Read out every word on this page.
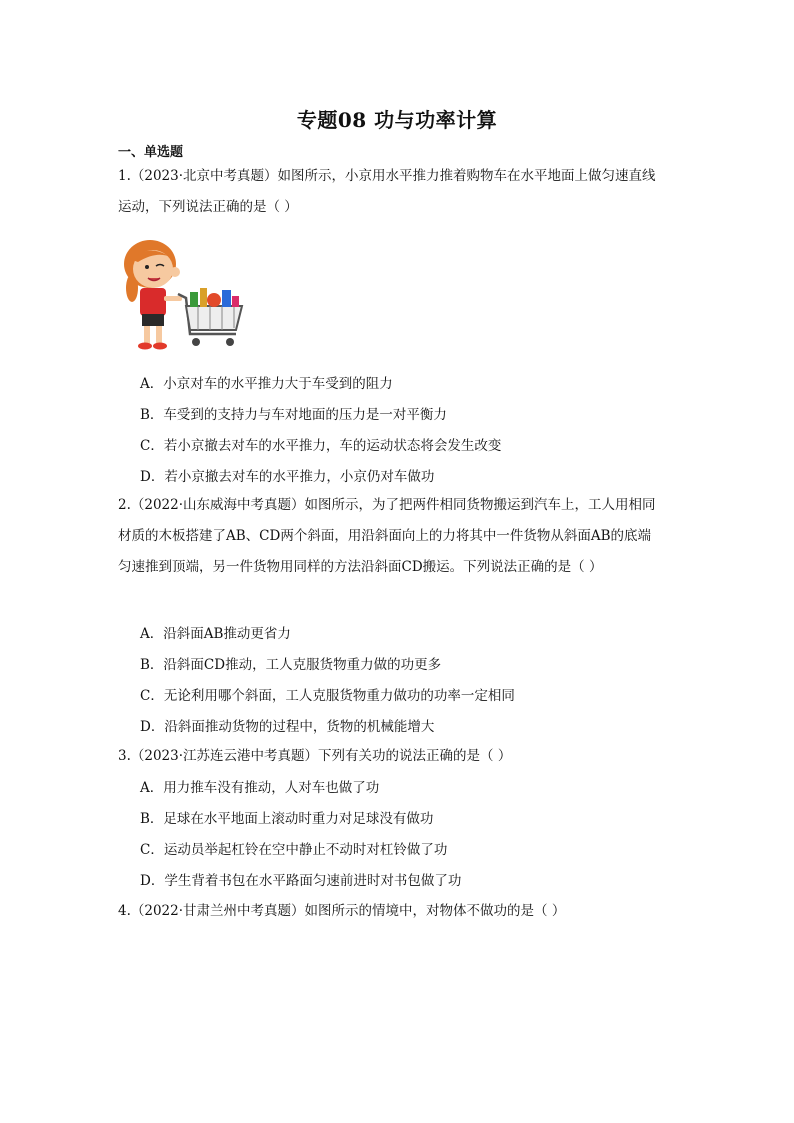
专题08 功与功率计算
一、单选题
1.（2023·北京中考真题）如图所示，小京用水平推力推着购物车在水平地面上做匀速直线
运动，下列说法正确的是（ ）
A．小京对车的水平推力大于车受到的阻力
B．车受到的支持力与车对地面的压力是一对平衡力
C．若小京撤去对车的水平推力，车的运动状态将会发生改变
D．若小京撤去对车的水平推力，小京仍对车做功
2.（2022·山东威海中考真题）如图所示，为了把两件相同货物搬运到汽车上，工人用相同
材质的木板搭建了AB、CD两个斜面，用沿斜面向上的力将其中一件货物从斜面AB的底端
匀速推到顶端，另一件货物用同样的方法沿斜面CD搬运。下列说法正确的是（ ）
A．沿斜面AB推动更省力
B．沿斜面CD推动，工人克服货物重力做的功更多
C．无论利用哪个斜面，工人克服货物重力做功的功率一定相同
D．沿斜面推动货物的过程中，货物的机械能增大
3.（2023·江苏连云港中考真题）下列有关功的说法正确的是（ ）
A．用力推车没有推动，人对车也做了功
B．足球在水平地面上滚动时重力对足球没有做功
C．运动员举起杠铃在空中静止不动时对杠铃做了功
D．学生背着书包在水平路面匀速前进时对书包做了功
4.（2022·甘肃兰州中考真题）如图所示的情境中，对物体不做功的是（ ）
